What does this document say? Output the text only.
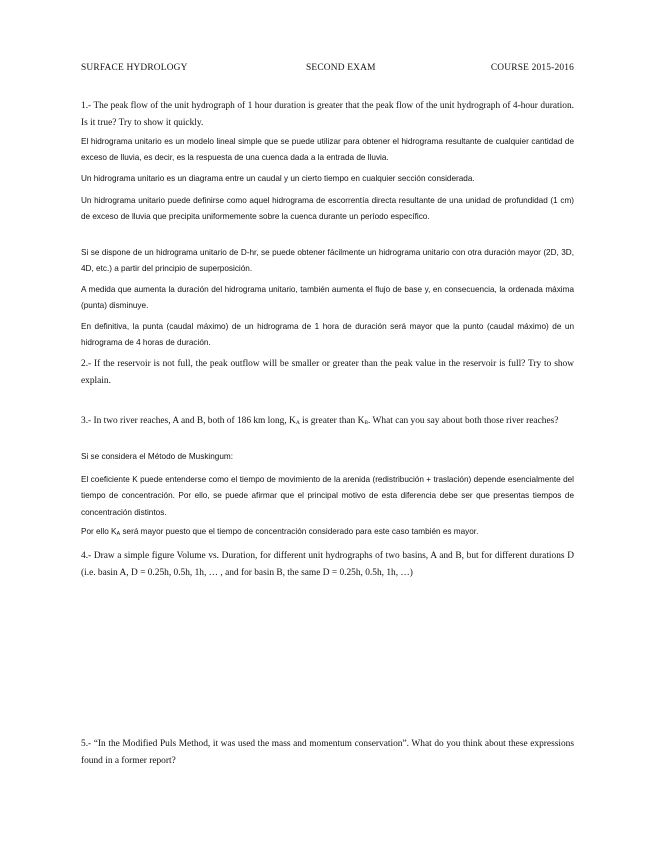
SURFACE HYDROLOGY	SECOND EXAM	COURSE 2015-2016

1.- The peak flow of the unit hydrograph of 1 hour duration is greater that the peak flow of the unit hydrograph of 4-hour duration. Is it true? Try to show it quickly.

El hidrograma unitario es un modelo lineal simple que se puede utilizar para obtener el hidrograma resultante de cualquier cantidad de exceso de lluvia, es decir, es la respuesta de una cuenca dada a la entrada de lluvia.

Un hidrograma unitario es un diagrama entre un caudal y un cierto tiempo en cualquier sección considerada.

Un hidrograma unitario puede definirse como aquel hidrograma de escorrentía directa resultante de una unidad de profundidad (1 cm) de exceso de lluvia que precipita uniformemente sobre la cuenca durante un período específico.

Si se dispone de un hidrograma unitario de D-hr, se puede obtener fácilmente un hidrograma unitario con otra duración mayor (2D, 3D, 4D, etc.) a partir del principio de superposición.

A medida que aumenta la duración del hidrograma unitario, también aumenta el flujo de base y, en consecuencia, la ordenada máxima (punta) disminuye.

En definitiva, la punta (caudal máximo) de un hidrograma de 1 hora de duración será mayor que la punto (caudal máximo) de un hidrograma de 4 horas de duración.

2.- If the reservoir is not full, the peak outflow will be smaller or greater than the peak value in the reservoir is full? Try to show explain.

3.- In two river reaches, A and B, both of 186 km long, $K_A$ is greater than $K_B$. What can you say about both those river reaches?

Si se considera el Método de Muskingum:

El coeficiente K puede entenderse como el tiempo de movimiento de la arenida (redistribución + traslación) depende esencialmente del tiempo de concentración. Por ello, se puede afirmar que el principal motivo de esta diferencia debe ser que presentas tiempos de concentración distintos.

Por ello $K_A$ será mayor puesto que el tiempo de concentración considerado para este caso también es mayor.

4.- Draw a simple figure Volume vs. Duration, for different unit hydrographs of two basins, A and B, but for different durations D (i.e. basin A, D = 0.25h, 0.5h, 1h, … , and for basin B, the same D = 0.25h, 0.5h, 1h, …)

5.- “In the Modified Puls Method, it was used the mass and momentum conservation”. What do you think about these expressions found in a former report?
